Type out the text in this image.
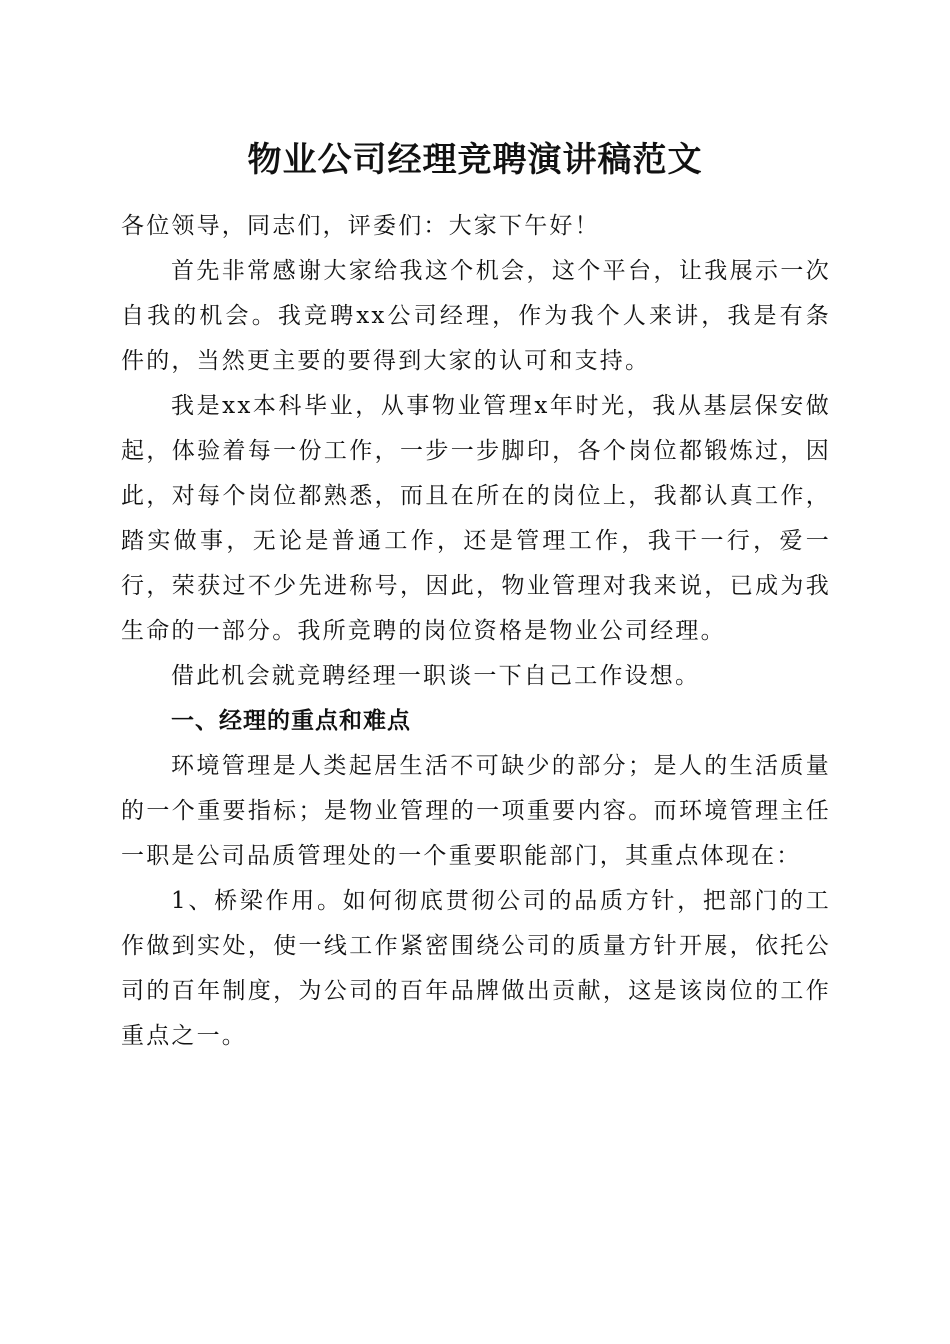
物业公司经理竞聘演讲稿范文

各位领导，同志们，评委们：大家下午好！

首先非常感谢大家给我这个机会，这个平台，让我展示一次自我的机会。我竞聘xx公司经理，作为我个人来讲，我是有条件的，当然更主要的要得到大家的认可和支持。

我是xx本科毕业，从事物业管理x年时光，我从基层保安做起，体验着每一份工作，一步一步脚印，各个岗位都锻炼过，因此，对每个岗位都熟悉，而且在所在的岗位上，我都认真工作，踏实做事，无论是普通工作，还是管理工作，我干一行，爱一行，荣获过不少先进称号，因此，物业管理对我来说，已成为我生命的一部分。我所竞聘的岗位资格是物业公司经理。

借此机会就竞聘经理一职谈一下自己工作设想。

一、经理的重点和难点

环境管理是人类起居生活不可缺少的部分；是人的生活质量的一个重要指标；是物业管理的一项重要内容。而环境管理主任一职是公司品质管理处的一个重要职能部门，其重点体现在：

1、桥梁作用。如何彻底贯彻公司的品质方针，把部门的工作做到实处，使一线工作紧密围绕公司的质量方针开展，依托公司的百年制度，为公司的百年品牌做出贡献，这是该岗位的工作重点之一。
